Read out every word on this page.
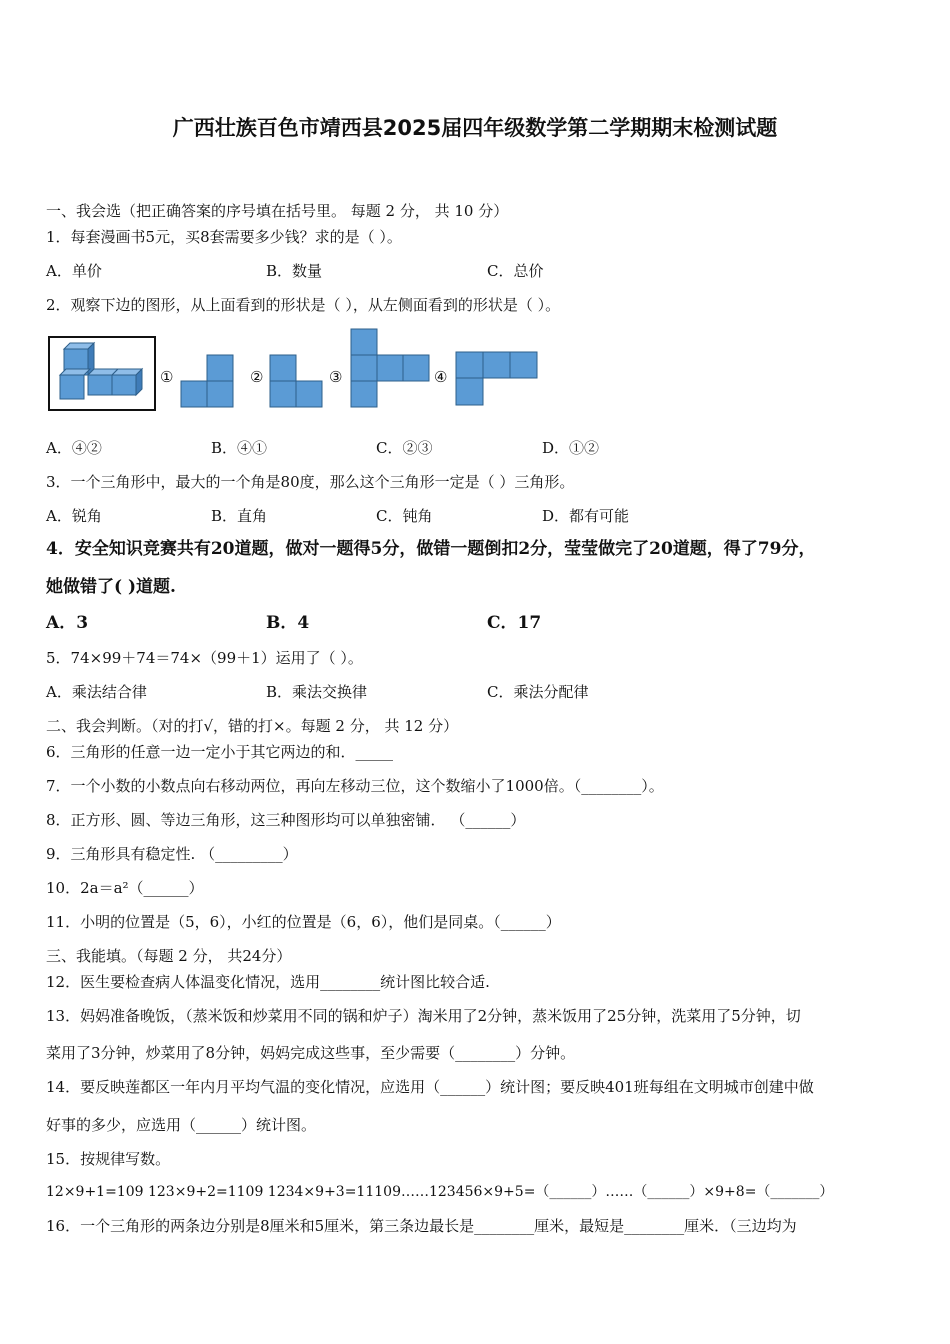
广西壮族百色市靖西县2025届四年级数学第二学期期末检测试题
一、我会选（把正确答案的序号填在括号里。 每题 2 分， 共 10 分）
1．每套漫画书5元，买8套需要多少钱？求的是（ ）。
A．单价	B．数量	C．总价
2．观察下边的图形，从上面看到的形状是（ ），从左侧面看到的形状是（ ）。
①	②	③	④
A．④②	B．④①	C．②③	D．①②
3．一个三角形中，最大的一个角是80度，那么这个三角形一定是（ ）三角形。
A．锐角	B．直角	C．钝角	D．都有可能
4．安全知识竞赛共有20道题，做对一题得5分，做错一题倒扣2分，莹莹做完了20道题，得了79分，
她做错了( )道题.
A．3	B．4	C．17
5．74×99＋74＝74×（99＋1）运用了（ ）。
A．乘法结合律	B．乘法交换律	C．乘法分配律
二、我会判断。（对的打√，错的打×。每题 2 分， 共 12 分）
6．三角形的任意一边一定小于其它两边的和．_____
7．一个小数的小数点向右移动两位，再向左移动三位，这个数缩小了1000倍。（________）。
8．正方形、圆、等边三角形，这三种图形均可以单独密铺． （______）
9．三角形具有稳定性. （_________）
10．2a＝a²（______）
11．小明的位置是（5，6），小红的位置是（6，6），他们是同桌。（______）
三、我能填。（每题 2 分， 共24分）
12．医生要检查病人体温变化情况，选用________统计图比较合适.
13．妈妈准备晚饭，（蒸米饭和炒菜用不同的锅和炉子）淘米用了2分钟，蒸米饭用了25分钟，洗菜用了5分钟，切
菜用了3分钟，炒菜用了8分钟，妈妈完成这些事，至少需要（________）分钟。
14．要反映莲都区一年内月平均气温的变化情况，应选用（______）统计图；要反映401班每组在文明城市创建中做
好事的多少，应选用（______）统计图。
15．按规律写数。
12×9+1=109 123×9+2=1109 1234×9+3=11109……123456×9+5=（______）……（______）×9+8=（_______）
16．一个三角形的两条边分别是8厘米和5厘米，第三条边最长是________厘米，最短是________厘米．（三边均为
